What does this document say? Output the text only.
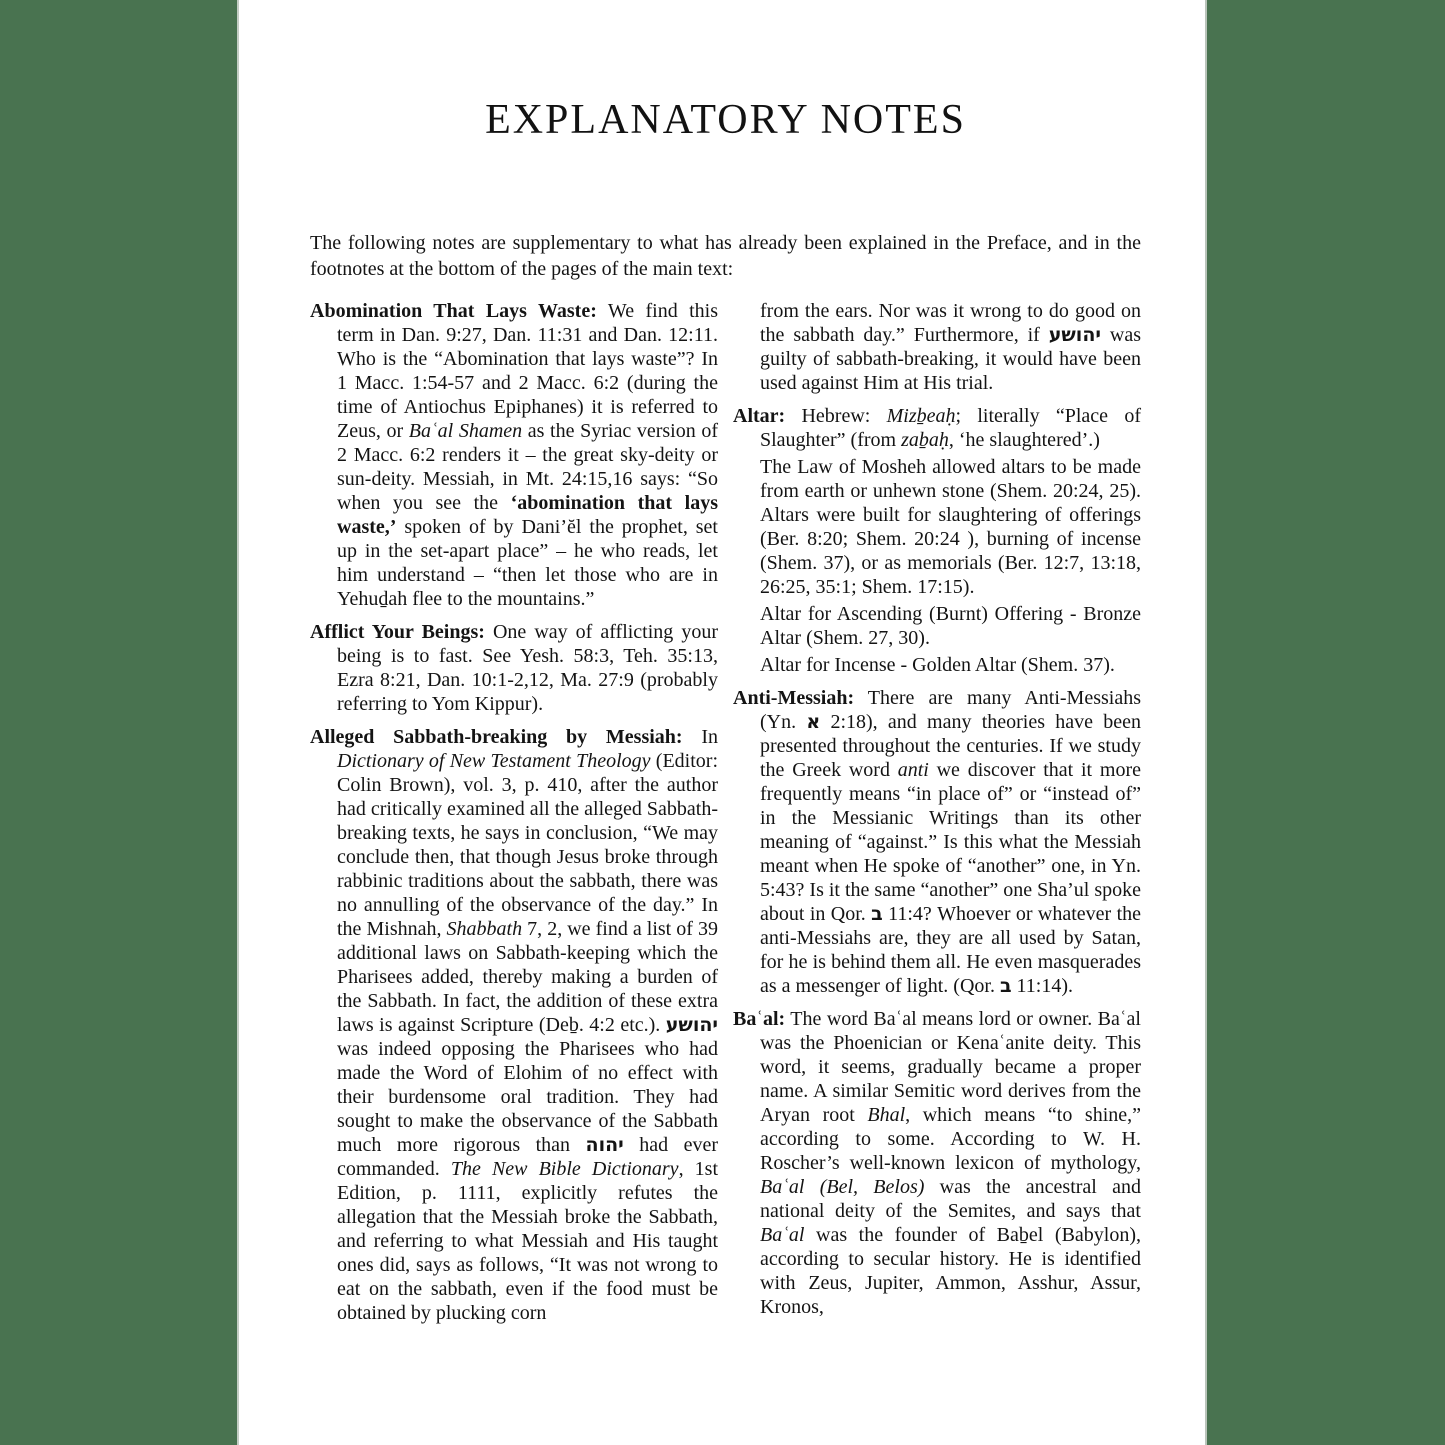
EXPLANATORY NOTES

The following notes are supplementary to what has already been explained in the Preface, and in the footnotes at the bottom of the pages of the main text:

Abomination That Lays Waste: We find this term in Dan. 9:27, Dan. 11:31 and Dan. 12:11. Who is the “Abomination that lays waste”? In 1 Macc. 1:54-57 and 2 Macc. 6:2 (during the time of Antiochus Epiphanes) it is referred to Zeus, or Baʿal Shamen as the Syriac version of 2 Macc. 6:2 renders it – the great sky-deity or sun-deity. Messiah, in Mt. 24:15,16 says: “So when you see the ‘abomination that lays waste,’ spoken of by Dani’ĕl the prophet, set up in the set-apart place” – he who reads, let him understand – “then let those who are in Yehuḏah flee to the mountains.”

Afflict Your Beings: One way of afflicting your being is to fast. See Yesh. 58:3, Teh. 35:13, Ezra 8:21, Dan. 10:1-2,12, Ma. 27:9 (probably referring to Yom Kippur).

Alleged Sabbath-breaking by Messiah: In Dictionary of New Testament Theology (Editor: Colin Brown), vol. 3, p. 410, after the author had critically examined all the alleged Sabbath-breaking texts, he says in conclusion, “We may conclude then, that though Jesus broke through rabbinic traditions about the sabbath, there was no annulling of the observance of the day.” In the Mishnah, Shabbath 7, 2, we find a list of 39 additional laws on Sabbath-keeping which the Pharisees added, thereby making a burden of the Sabbath. In fact, the addition of these extra laws is against Scripture (Deḇ. 4:2 etc.). יהושע was indeed opposing the Pharisees who had made the Word of Elohim of no effect with their burdensome oral tradition. They had sought to make the observance of the Sabbath much more rigorous than יהוה had ever commanded. The New Bible Dictionary, 1st Edition, p. 1111, explicitly refutes the allegation that the Messiah broke the Sabbath, and referring to what Messiah and His taught ones did, says as follows, “It was not wrong to eat on the sabbath, even if the food must be obtained by plucking corn

from the ears. Nor was it wrong to do good on the sabbath day.” Furthermore, if יהושע was guilty of sabbath-breaking, it would have been used against Him at His trial.

Altar: Hebrew: Mizḇeaḥ; literally “Place of Slaughter” (from zaḇaḥ, ‘he slaughtered’.)

The Law of Mosheh allowed altars to be made from earth or unhewn stone (Shem. 20:24, 25). Altars were built for slaughtering of offerings (Ber. 8:20; Shem. 20:24 ), burning of incense (Shem. 37), or as memorials (Ber. 12:7, 13:18, 26:25, 35:1; Shem. 17:15).

Altar for Ascending (Burnt) Offering - Bronze Altar (Shem. 27, 30).

Altar for Incense - Golden Altar (Shem. 37).

Anti-Messiah: There are many Anti-Messiahs (Yn. א 2:18), and many theories have been presented throughout the centuries. If we study the Greek word anti we discover that it more frequently means “in place of” or “instead of” in the Messianic Writings than its other meaning of “against.” Is this what the Messiah meant when He spoke of “another” one, in Yn. 5:43? Is it the same “another” one Sha’ul spoke about in Qor. ב 11:4? Whoever or whatever the anti-Messiahs are, they are all used by Satan, for he is behind them all. He even masquerades as a messenger of light. (Qor. ב 11:14).

Baʿal: The word Baʿal means lord or owner. Baʿal was the Phoenician or Kenaʿanite deity. This word, it seems, gradually became a proper name. A similar Semitic word derives from the Aryan root Bhal, which means “to shine,” according to some. According to W. H. Roscher’s well-known lexicon of mythology, Baʿal (Bel, Belos) was the ancestral and national deity of the Semites, and says that Baʿal was the founder of Baḇel (Babylon), according to secular history. He is identified with Zeus, Jupiter, Ammon, Asshur, Assur, Kronos,
